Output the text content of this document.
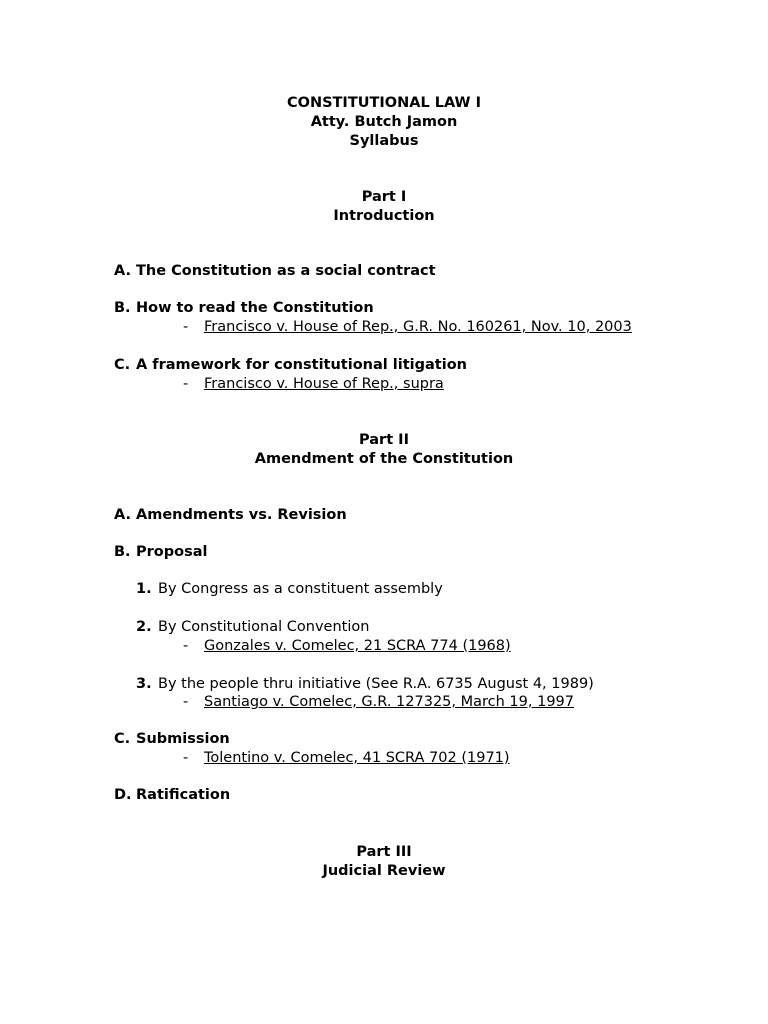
CONSTITUTIONAL LAW I
Atty. Butch Jamon
Syllabus
Part I
Introduction
A. The Constitution as a social contract
B. How to read the Constitution
- Francisco v. House of Rep., G.R. No. 160261, Nov. 10, 2003
C. A framework for constitutional litigation
- Francisco v. House of Rep., supra
Part II
Amendment of the Constitution
A. Amendments vs. Revision
B. Proposal
1. By Congress as a constituent assembly
2. By Constitutional Convention
- Gonzales v. Comelec, 21 SCRA 774 (1968)
3. By the people thru initiative (See R.A. 6735 August 4, 1989)
- Santiago v. Comelec, G.R. 127325, March 19, 1997
C. Submission
- Tolentino v. Comelec, 41 SCRA 702 (1971)
D. Ratification
Part III
Judicial Review
